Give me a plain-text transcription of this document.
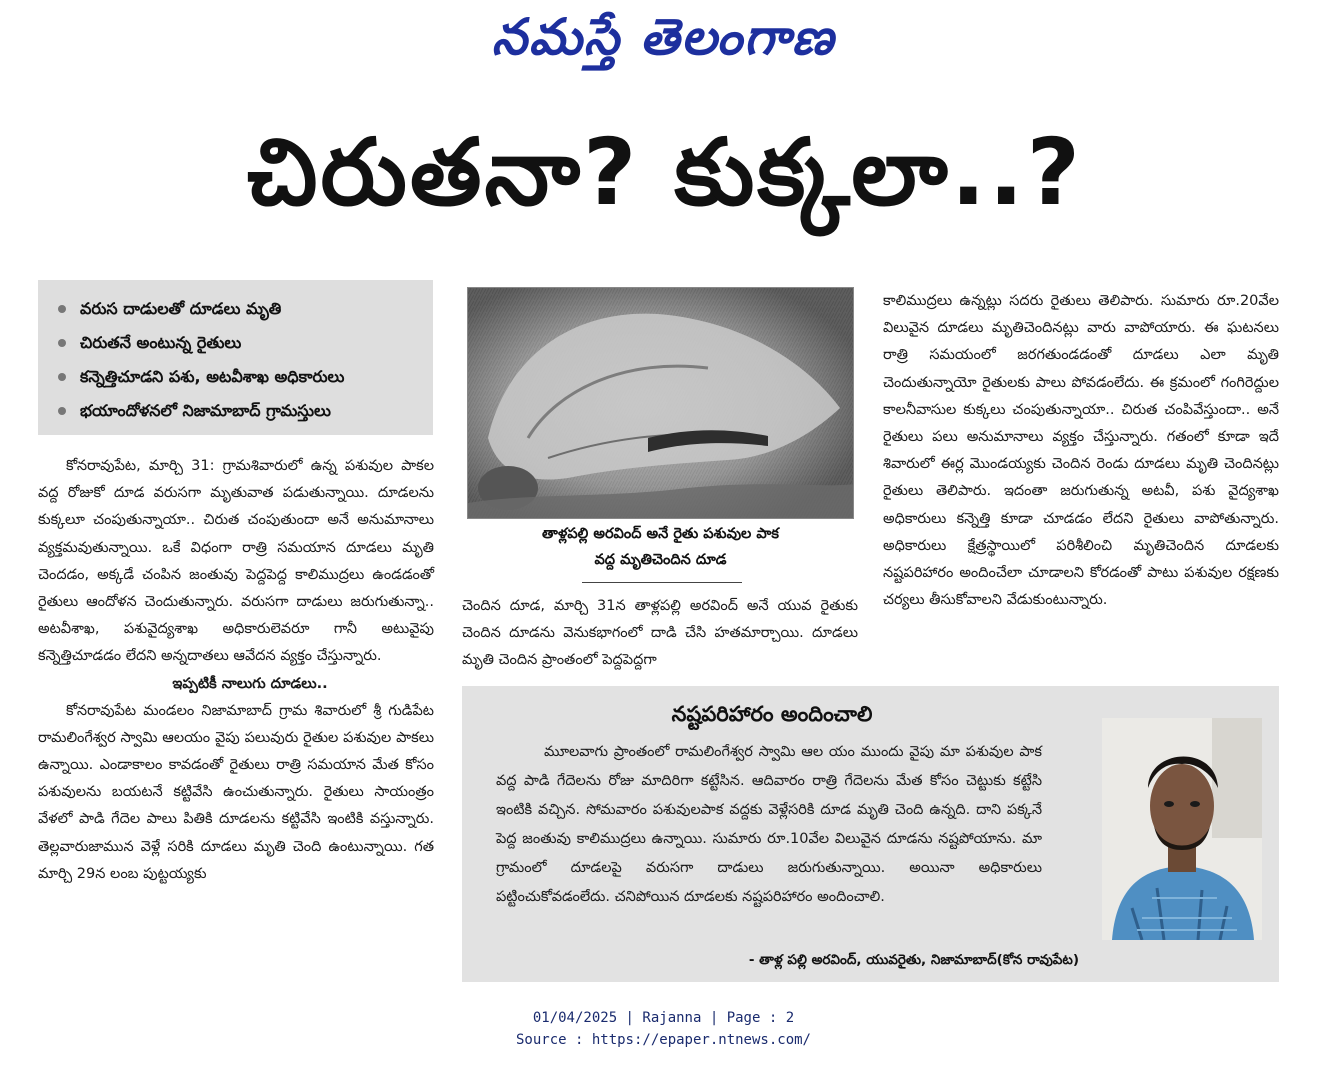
నమస్తే తెలంగాణ
చిరుతనా? కుక్కలా..?
వరుస దాడులతో దూడలు మృతి
చిరుతనే అంటున్న రైతులు
కన్నెత్తిచూడని పశు, అటవీశాఖ అధికారులు
భయాందోళనలో నిజామాబాద్ గ్రామస్తులు

కోనరావుపేట, మార్చి 31: గ్రామశివారులో ఉన్న పశువుల పాకల వద్ద రోజుకో దూడ వరుసగా మృతువాత పడుతున్నాయి. దూడలను కుక్కలూ చంపుతున్నాయా.. చిరుత చంపుతుందా అనే అనుమానాలు వ్యక్తమవుతున్నాయి. ఒకే విధంగా రాత్రి సమయాన దూడలు మృతి చెందడం, అక్కడే చంపిన జంతువు పెద్దపెద్ద కాలిముద్రలు ఉండడంతో రైతులు ఆందోళన చెందుతున్నారు. వరుసగా దాడులు జరుగుతున్నా.. అటవీశాఖ, పశువైద్యశాఖ అధికారులెవరూ గానీ అటువైపు కన్నెత్తిచూడడం లేదని అన్నదాతలు ఆవేదన వ్యక్తం చేస్తున్నారు.

ఇప్పటికీ నాలుగు దూడలు..

కోనరావుపేట మండలం నిజామాబాద్ గ్రామ శివారులో శ్రీ గుడిపేట రామలింగేశ్వర స్వామి ఆలయం వైపు పలువురు రైతుల పశువుల పాకలు ఉన్నాయి. ఎండాకాలం కావడంతో రైతులు రాత్రి సమయాన మేత కోసం పశువులను బయటనే కట్టివేసి ఉంచుతున్నారు. రైతులు సాయంత్రం వేళలో పాడి గేదెల పాలు పితికి దూడలను కట్టివేసి ఇంటికి వస్తున్నారు. తెల్లవారుజామున వెళ్లే సరికి దూడలు మృతి చెంది ఉంటున్నాయి. గత మార్చి 29న లంబ పుట్టయ్యకు

తాళ్లపల్లి అరవింద్ అనే రైతు పశువుల పాక
వద్ద మృతిచెందిన దూడ

చెందిన దూడ, మార్చి 31న తాళ్లపల్లి అరవింద్ అనే యువ రైతుకు చెందిన దూడను వెనుకభాగంలో దాడి చేసి హతమార్చాయి. దూడలు మృతి చెందిన ప్రాంతంలో పెద్దపెద్దగా

కాలిముద్రలు ఉన్నట్లు సదరు రైతులు తెలిపారు. సుమారు రూ.20వేల విలువైన దూడలు మృతిచెందినట్లు వారు వాపోయారు. ఈ ఘటనలు రాత్రి సమయంలో జరగతుండడంతో దూడలు ఎలా మృతి చెందుతున్నాయో రైతులకు పాలు పోవడంలేదు. ఈ క్రమంలో గంగిరెద్దుల కాలనీవాసుల కుక్కలు చంపుతున్నాయా.. చిరుత చంపివేస్తుందా.. అనే రైతులు పలు అనుమానాలు వ్యక్తం చేస్తున్నారు. గతంలో కూడా ఇదే శివారులో ఈర్ల మొండయ్యకు చెందిన రెండు దూడలు మృతి చెందినట్లు రైతులు తెలిపారు. ఇదంతా జరుగుతున్న అటవీ, పశు వైద్యశాఖ అధికారులు కన్నెత్తి కూడా చూడడం లేదని రైతులు వాపోతున్నారు. అధికారులు క్షేత్రస్థాయిలో పరిశీలించి మృతిచెందిన దూడలకు నష్టపరిహారం అందించేలా చూడాలని కోరడంతో పాటు పశువుల రక్షణకు చర్యలు తీసుకోవాలని వేడుకుంటున్నారు.

నష్టపరిహారం అందించాలి

మూలవాగు ప్రాంతంలో రామలింగేశ్వర స్వామి ఆల యం ముందు వైపు మా పశువుల పాక వద్ద పాడి గేదెలను రోజు మాదిరిగా కట్టేసిన. ఆదివారం రాత్రి గేదెలను మేత కోసం చెట్టుకు కట్టేసి ఇంటికి వచ్చిన. సోమవారం పశువులపాక వద్దకు వెళ్లేసరికి దూడ మృతి చెంది ఉన్నది. దాని పక్కనే పెద్ద జంతువు కాలిముద్రలు ఉన్నాయి. సుమారు రూ.10వేల విలువైన దూడను నష్టపోయాను. మా గ్రామంలో దూడలపై వరుసగా దాడులు జరుగుతున్నాయి. అయినా అధికారులు పట్టించుకోవడంలేదు. చనిపోయిన దూడలకు నష్టపరిహారం అందించాలి.

- తాళ్ల పల్లి అరవింద్, యువరైతు, నిజామాబాద్(కోన రావుపేట)
01/04/2025 | Rajanna | Page : 2
Source : https://epaper.ntnews.com/
